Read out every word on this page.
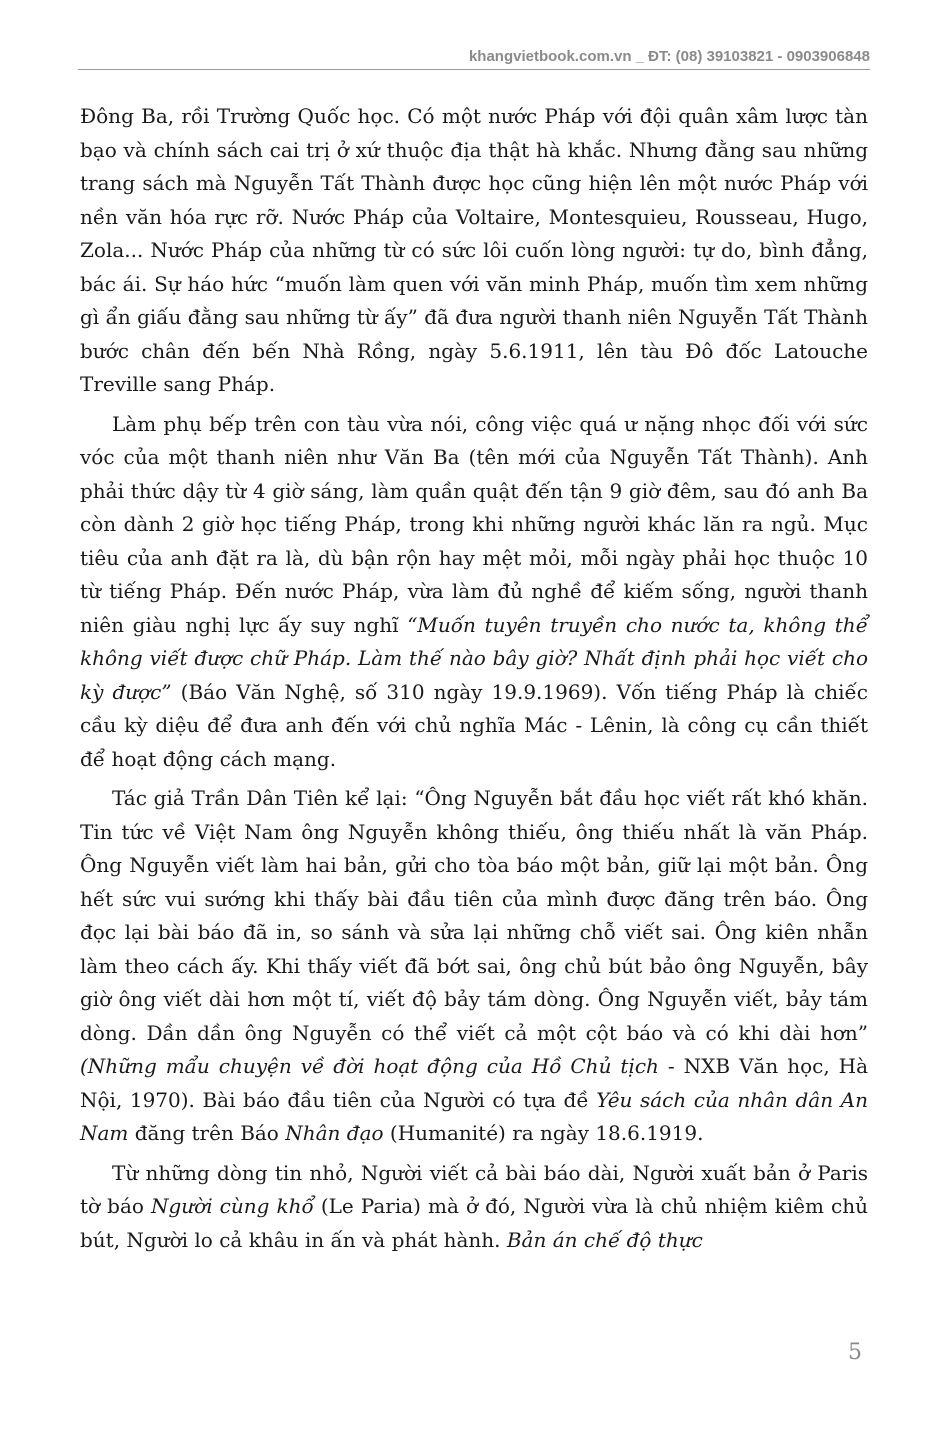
khangvietbook.com.vn _ ĐT: (08) 39103821 - 0903906848

Đông Ba, rồi Trường Quốc học. Có một nước Pháp với đội quân xâm lược tàn bạo và chính sách cai trị ở xứ thuộc địa thật hà khắc. Nhưng đằng sau những trang sách mà Nguyễn Tất Thành được học cũng hiện lên một nước Pháp với nền văn hóa rực rỡ. Nước Pháp của Voltaire, Montesquieu, Rousseau, Hugo, Zola... Nước Pháp của những từ có sức lôi cuốn lòng người: tự do, bình đẳng, bác ái. Sự háo hức “muốn làm quen với văn minh Pháp, muốn tìm xem những gì ẩn giấu đằng sau những từ ấy” đã đưa người thanh niên Nguyễn Tất Thành bước chân đến bến Nhà Rồng, ngày 5.6.1911, lên tàu Đô đốc Latouche Treville sang Pháp.

Làm phụ bếp trên con tàu vừa nói, công việc quá ư nặng nhọc đối với sức vóc của một thanh niên như Văn Ba (tên mới của Nguyễn Tất Thành). Anh phải thức dậy từ 4 giờ sáng, làm quần quật đến tận 9 giờ đêm, sau đó anh Ba còn dành 2 giờ học tiếng Pháp, trong khi những người khác lăn ra ngủ. Mục tiêu của anh đặt ra là, dù bận rộn hay mệt mỏi, mỗi ngày phải học thuộc 10 từ tiếng Pháp. Đến nước Pháp, vừa làm đủ nghề để kiếm sống, người thanh niên giàu nghị lực ấy suy nghĩ “Muốn tuyên truyền cho nước ta, không thể không viết được chữ Pháp. Làm thế nào bây giờ? Nhất định phải học viết cho kỳ được” (Báo Văn Nghệ, số 310 ngày 19.9.1969). Vốn tiếng Pháp là chiếc cầu kỳ diệu để đưa anh đến với chủ nghĩa Mác - Lênin, là công cụ cần thiết để hoạt động cách mạng.

Tác giả Trần Dân Tiên kể lại: “Ông Nguyễn bắt đầu học viết rất khó khăn. Tin tức về Việt Nam ông Nguyễn không thiếu, ông thiếu nhất là văn Pháp. Ông Nguyễn viết làm hai bản, gửi cho tòa báo một bản, giữ lại một bản. Ông hết sức vui sướng khi thấy bài đầu tiên của mình được đăng trên báo. Ông đọc lại bài báo đã in, so sánh và sửa lại những chỗ viết sai. Ông kiên nhẫn làm theo cách ấy. Khi thấy viết đã bớt sai, ông chủ bút bảo ông Nguyễn, bây giờ ông viết dài hơn một tí, viết độ bảy tám dòng. Ông Nguyễn viết, bảy tám dòng. Dần dần ông Nguyễn có thể viết cả một cột báo và có khi dài hơn” (Những mẩu chuyện về đời hoạt động của Hồ Chủ tịch - NXB Văn học, Hà Nội, 1970). Bài báo đầu tiên của Người có tựa đề Yêu sách của nhân dân An Nam đăng trên Báo Nhân đạo (Humanité) ra ngày 18.6.1919.

Từ những dòng tin nhỏ, Người viết cả bài báo dài, Người xuất bản ở Paris tờ báo Người cùng khổ (Le Paria) mà ở đó, Người vừa là chủ nhiệm kiêm chủ bút, Người lo cả khâu in ấn và phát hành. Bản án chế độ thực

5
